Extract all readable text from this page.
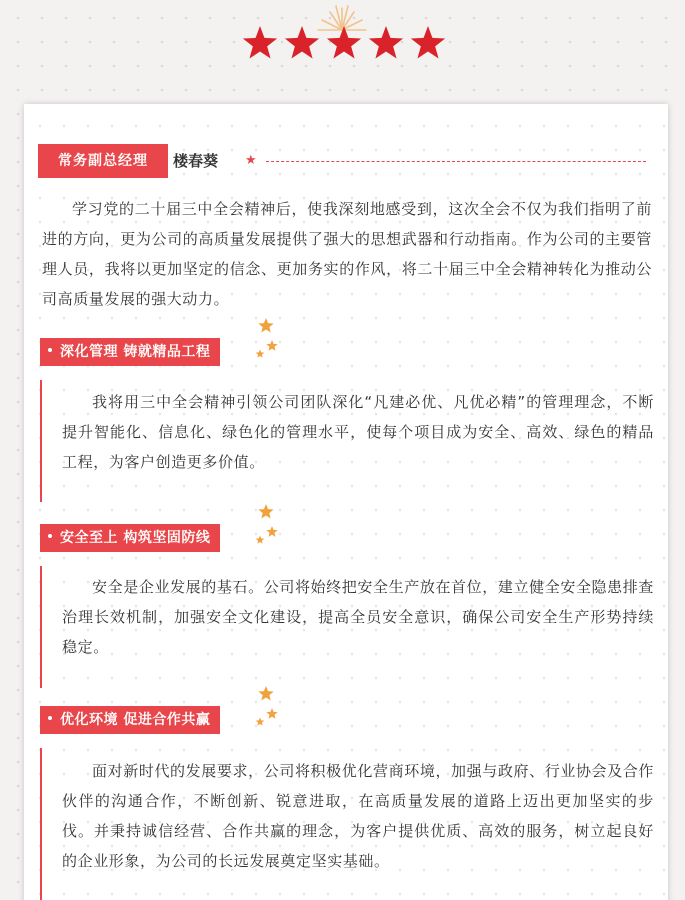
常务副总经理	楼春葵 ★

学习党的二十届三中全会精神后，使我深刻地感受到，这次全会不仅为我们指明了前进的方向，更为公司的高质量发展提供了强大的思想武器和行动指南。作为公司的主要管理人员，我将以更加坚定的信念、更加务实的作风，将二十届三中全会精神转化为推动公司高质量发展的强大动力。

深化管理 铸就精品工程

我将用三中全会精神引领公司团队深化“凡建必优、凡优必精”的管理理念，不断提升智能化、信息化、绿色化的管理水平，使每个项目成为安全、高效、绿色的精品工程，为客户创造更多价值。

安全至上 构筑坚固防线

安全是企业发展的基石。公司将始终把安全生产放在首位，建立健全安全隐患排查治理长效机制，加强安全文化建设，提高全员安全意识，确保公司安全生产形势持续稳定。

优化环境 促进合作共赢

面对新时代的发展要求，公司将积极优化营商环境，加强与政府、行业协会及合作伙伴的沟通合作，不断创新、锐意进取，在高质量发展的道路上迈出更加坚实的步伐。并秉持诚信经营、合作共赢的理念，为客户提供优质、高效的服务，树立起良好的企业形象，为公司的长远发展奠定坚实基础。
